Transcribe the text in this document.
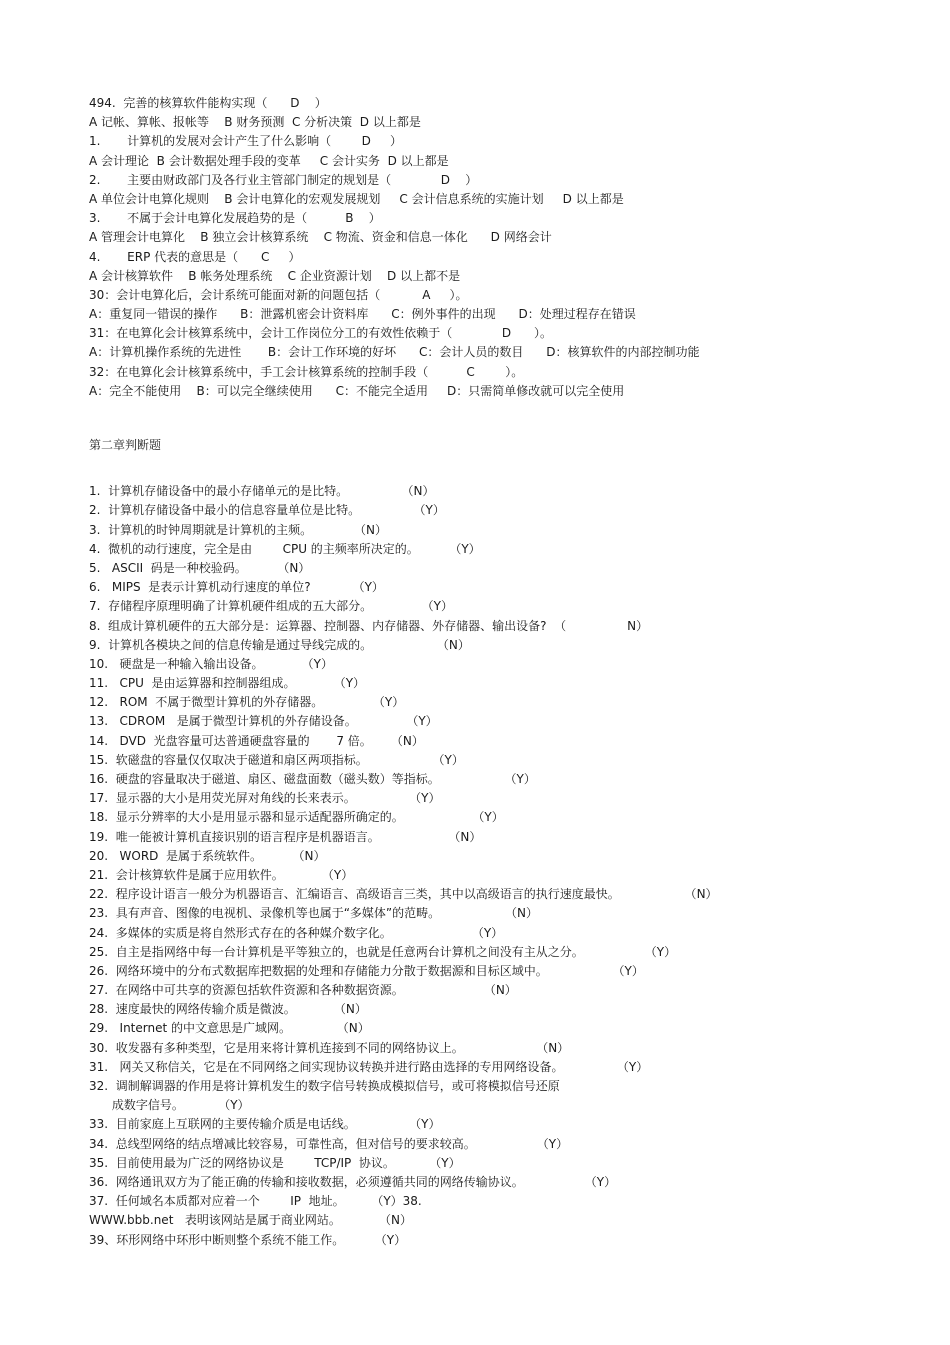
494.  完善的核算软件能构实现（      D    ）
A 记帐、算帐、报帐等    B 财务预测  C 分析决策  D 以上都是
1.       计算机的发展对会计产生了什么影响（        D     ）
A 会计理论  B 会计数据处理手段的变革     C 会计实务  D 以上都是
2.       主要由财政部门及各行业主管部门制定的规划是（             D    ）
A 单位会计电算化规则    B 会计电算化的宏观发展规划     C 会计信息系统的实施计划     D 以上都是
3.       不属于会计电算化发展趋势的是（          B    ）
A 管理会计电算化    B 独立会计核算系统    C 物流、资金和信息一体化      D 网络会计
4.       ERP 代表的意思是（      C     ）
A 会计核算软件    B 帐务处理系统    C 企业资源计划    D 以上都不是
30：会计电算化后，会计系统可能面对新的问题包括（           A     ）。
A：重复同一错误的操作      B：泄露机密会计资料库      C：例外事件的出现      D：处理过程存在错误
31：在电算化会计核算系统中，会计工作岗位分工的有效性依赖于（             D      ）。
A：计算机操作系统的先进性       B：会计工作环境的好坏      C：会计人员的数目      D：核算软件的内部控制功能
32：在电算化会计核算系统中，手工会计核算系统的控制手段（          C        ）。
A：完全不能使用    B：可以完全继续使用      C：不能完全适用     D：只需简单修改就可以完全使用
第二章判断题
1.  计算机存储设备中的最小存储单元的是比特。              （N）
2.  计算机存储设备中最小的信息容量单位是比特。              （Y）
3.  计算机的时钟周期就是计算机的主频。           （N）
4.  微机的动行速度，完全是由        CPU 的主频率所决定的。        （Y）
5.   ASCII  码是一种校验码。        （N）
6.   MIPS  是表示计算机动行速度的单位?           （Y）
7.  存储程序原理明确了计算机硬件组成的五大部分。             （Y）
8.  组成计算机硬件的五大部分是：运算器、控制器、内存储器、外存储器、输出设备?  （                N）
9.  计算机各模块之间的信息传输是通过导线完成的。                 （N）
10.   硬盘是一种输入输出设备。          （Y）
11.   CPU  是由运算器和控制器组成。          （Y）
12.   ROM  不属于微型计算机的外存储器。             （Y）
13.   CDROM   是属于微型计算机的外存储设备。             （Y）
14.   DVD  光盘容量可达普通硬盘容量的       7 倍。     （N）
15.  软磁盘的容量仅仅取决于磁道和扇区两项指标。                 （Y）
16.  硬盘的容量取决于磁道、扇区、磁盘面数（磁头数）等指标。                 （Y）
17.  显示器的大小是用荧光屏对角线的长来表示。              （Y）
18.  显示分辨率的大小是用显示器和显示适配器所确定的。                  （Y）
19.  唯一能被计算机直接识别的语言程序是机器语言。                  （N）
20.   WORD  是属于系统软件。        （N）
21.  会计核算软件是属于应用软件。          （Y）
22.  程序设计语言一般分为机器语言、汇编语言、高级语言三类，其中以高级语言的执行速度最快。                 （N）
23.  具有声音、图像的电视机、录像机等也属于“多媒体”的范畴。                 （N）
24.  多媒体的实质是将自然形式存在的各种媒介数字化。                     （Y）
25.  自主是指网络中每一台计算机是平等独立的，也就是任意两台计算机之间没有主从之分。                （Y）
26.  网络环境中的分布式数据库把数据的处理和存储能力分散于数据源和目标区域中。                 （Y）
27.  在网络中可共享的资源包括软件资源和各种数据资源。                     （N）
28.  速度最快的网络传输介质是微波。          （N）
29.   Internet 的中文意思是广域网。            （N）
30.  收发器有多种类型，它是用来将计算机连接到不同的网络协议上。                   （N）
31.   网关又称信关，它是在不同网络之间实现协议转换并进行路由选择的专用网络设备。              （Y）
32.  调制解调器的作用是将计算机发生的数字信号转换成模拟信号，或可将模拟信号还原
成数字信号。         （Y）
33.  目前家庭上互联网的主要传输介质是电话线。              （Y）
34.  总线型网络的结点增减比较容易，可靠性高，但对信号的要求较高。                （Y）
35.  目前使用最为广泛的网络协议是        TCP/IP  协议。         （Y）
36.  网络通讯双方为了能正确的传输和接收数据，必须遵循共同的网络传输协议。                （Y）
37.  任何域名本质都对应着一个        IP  地址。       （Y）38.
WWW.bbb.net   表明该网站是属于商业网站。          （N）
39、环形网络中环形中断则整个系统不能工作。        （Y）
